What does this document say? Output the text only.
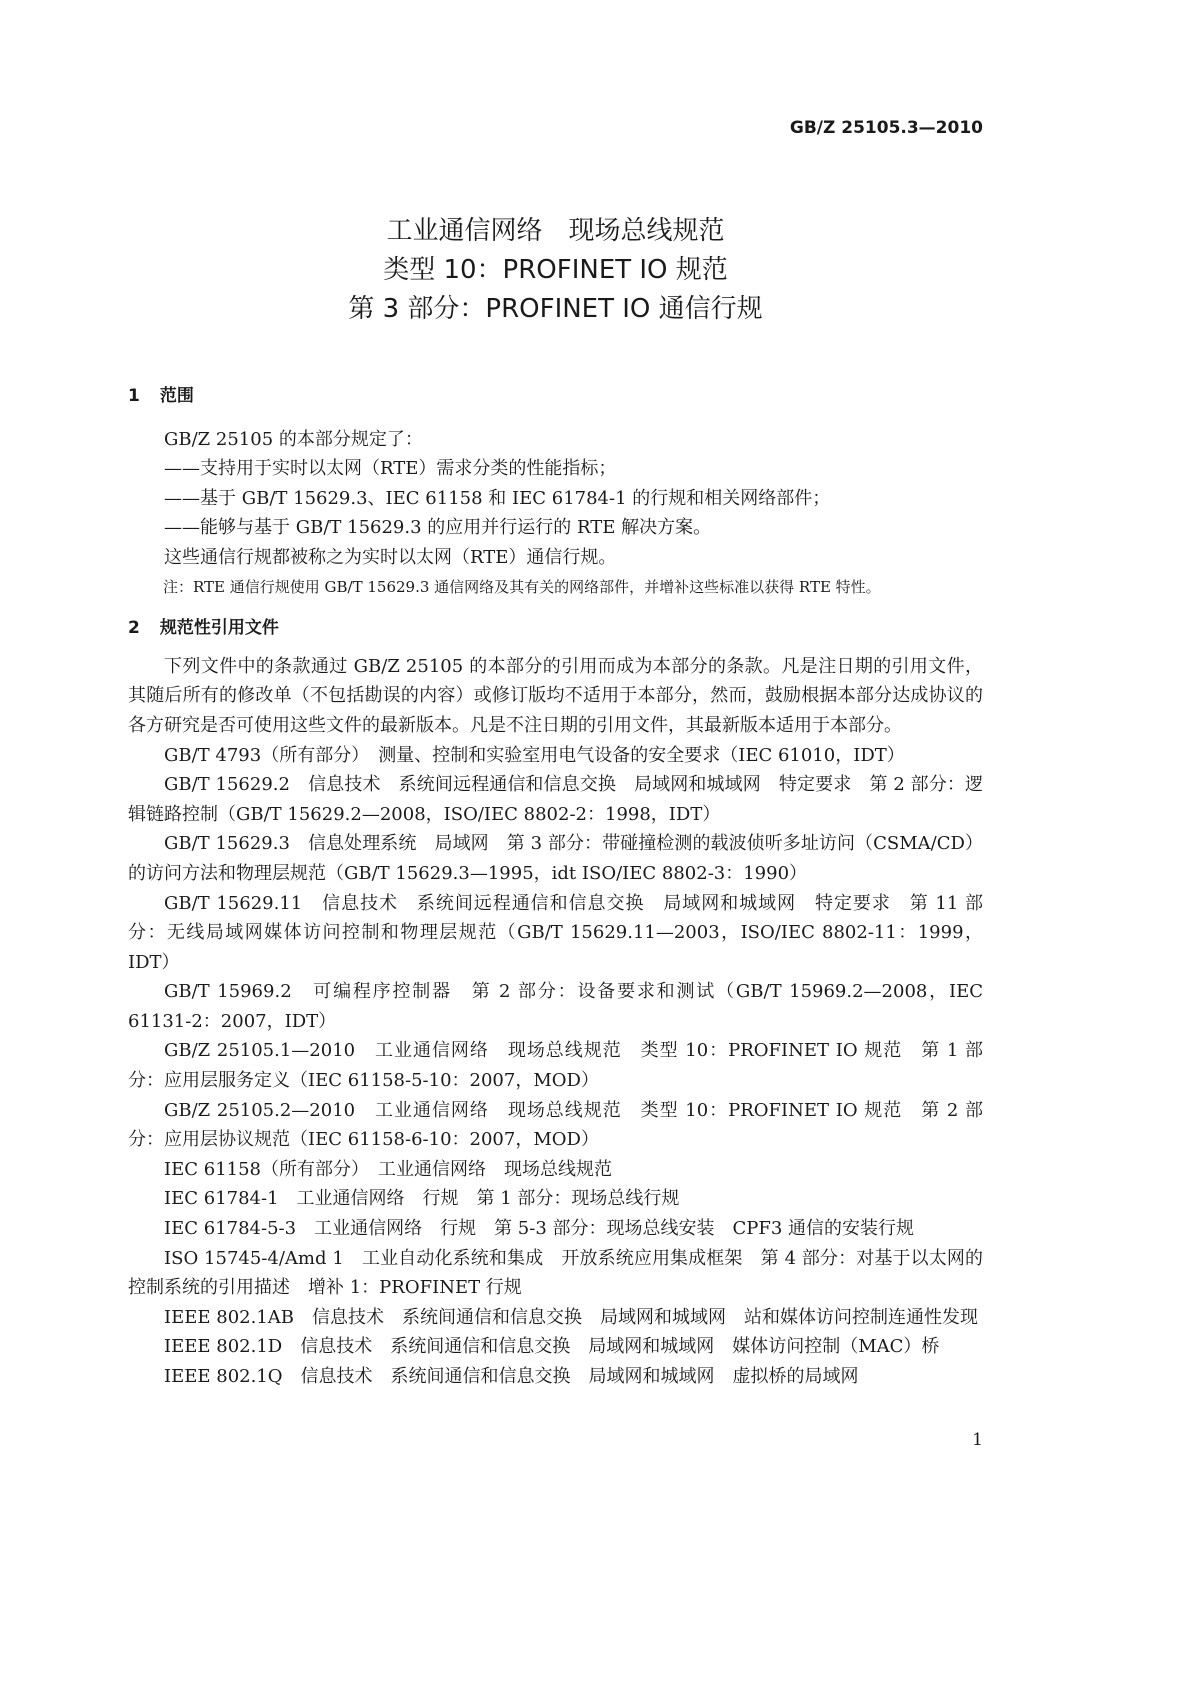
GB/Z 25105.3—2010
工业通信网络　现场总线规范
类型 10：PROFINET IO 规范
第 3 部分：PROFINET IO 通信行规
1 范围

GB/Z 25105 的本部分规定了：

——支持用于实时以太网（RTE）需求分类的性能指标；

——基于 GB/T 15629.3、IEC 61158 和 IEC 61784-1 的行规和相关网络部件；

——能够与基于 GB/T 15629.3 的应用并行运行的 RTE 解决方案。

这些通信行规都被称之为实时以太网（RTE）通信行规。

注：RTE 通信行规使用 GB/T 15629.3 通信网络及其有关的网络部件，并增补这些标准以获得 RTE 特性。

2 规范性引用文件

下列文件中的条款通过 GB/Z 25105 的本部分的引用而成为本部分的条款。凡是注日期的引用文件，其随后所有的修改单（不包括勘误的内容）或修订版均不适用于本部分，然而，鼓励根据本部分达成协议的各方研究是否可使用这些文件的最新版本。凡是不注日期的引用文件，其最新版本适用于本部分。

GB/T 4793（所有部分）　测量、控制和实验室用电气设备的安全要求（IEC 61010，IDT）

GB/T 15629.2　信息技术　系统间远程通信和信息交换　局域网和城域网　特定要求　第 2 部分：逻辑链路控制（GB/T 15629.2—2008，ISO/IEC 8802-2：1998，IDT）

GB/T 15629.3　信息处理系统　局域网　第 3 部分：带碰撞检测的载波侦听多址访问（CSMA/CD）的访问方法和物理层规范（GB/T 15629.3—1995，idt ISO/IEC 8802-3：1990）

GB/T 15629.11　信息技术　系统间远程通信和信息交换　局域网和城域网　特定要求　第 11 部分：无线局域网媒体访问控制和物理层规范（GB/T 15629.11—2003，ISO/IEC 8802-11：1999，IDT）

GB/T 15969.2　可编程序控制器　第 2 部分：设备要求和测试（GB/T 15969.2—2008，IEC 61131-2：2007，IDT）

GB/Z 25105.1—2010　工业通信网络　现场总线规范　类型 10：PROFINET IO 规范　第 1 部分：应用层服务定义（IEC 61158-5-10：2007，MOD）

GB/Z 25105.2—2010　工业通信网络　现场总线规范　类型 10：PROFINET IO 规范　第 2 部分：应用层协议规范（IEC 61158-6-10：2007，MOD）

IEC 61158（所有部分）　工业通信网络　现场总线规范

IEC 61784-1　工业通信网络　行规　第 1 部分：现场总线行规

IEC 61784-5-3　工业通信网络　行规　第 5-3 部分：现场总线安装　CPF3 通信的安装行规

ISO 15745-4/Amd 1　工业自动化系统和集成　开放系统应用集成框架　第 4 部分：对基于以太网的控制系统的引用描述　增补 1：PROFINET 行规

IEEE 802.1AB　信息技术　系统间通信和信息交换　局域网和城域网　站和媒体访问控制连通性发现

IEEE 802.1D　信息技术　系统间通信和信息交换　局域网和城域网　媒体访问控制（MAC）桥

IEEE 802.1Q　信息技术　系统间通信和信息交换　局域网和城域网　虚拟桥的局域网

1
